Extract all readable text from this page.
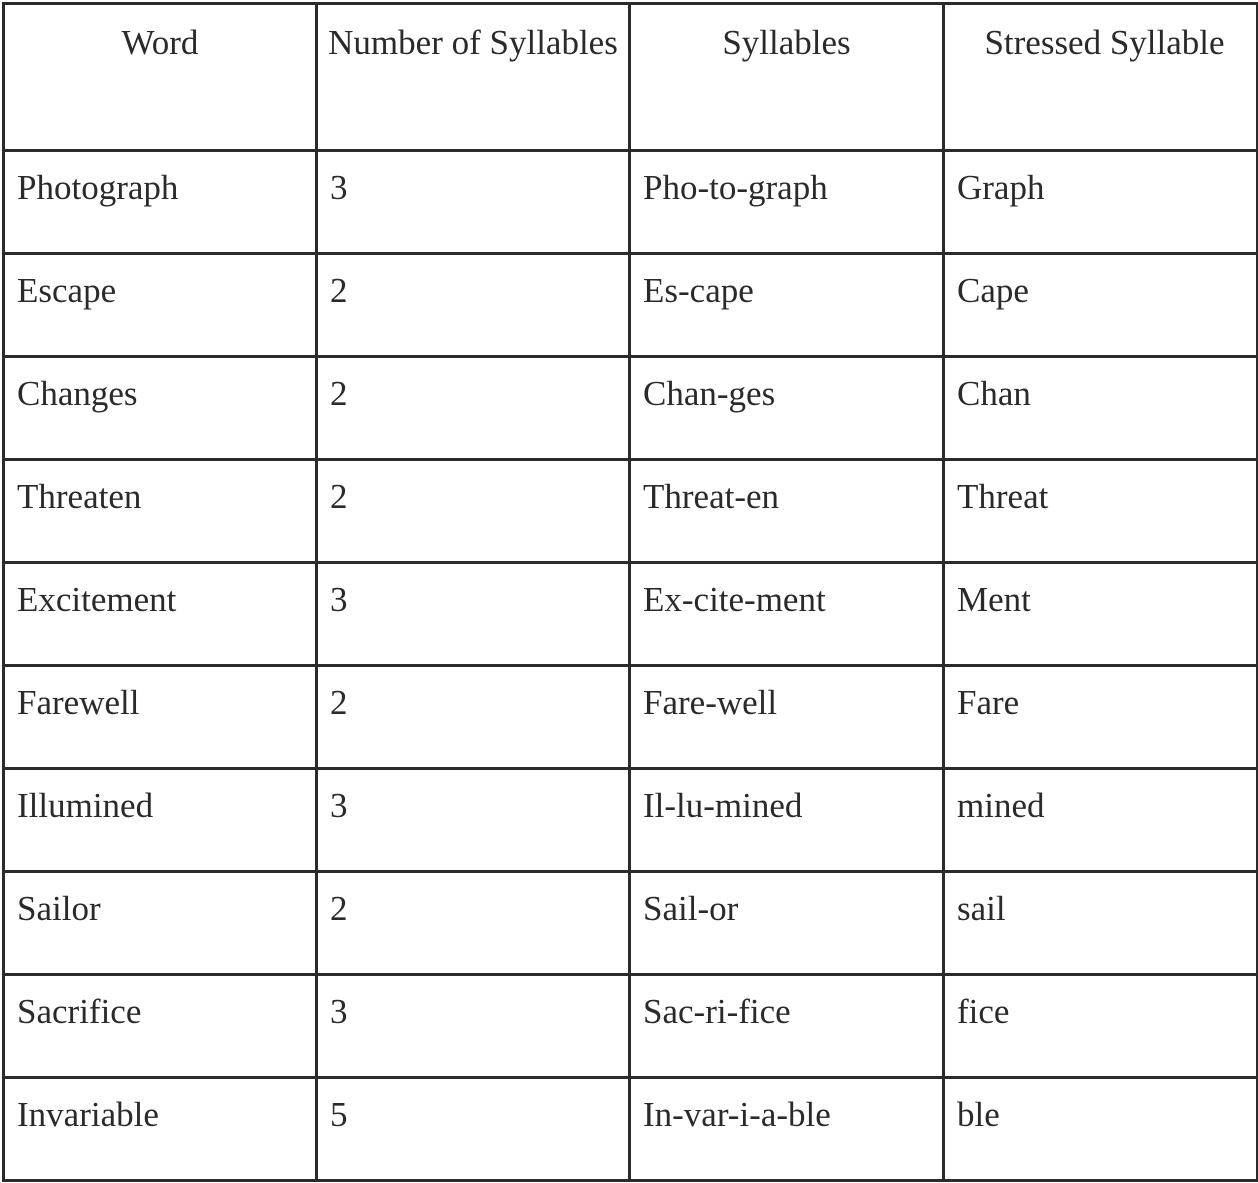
Word	Number of Syllables	Syllables	Stressed Syllable
Photograph	3	Pho-to-graph	Graph
Escape	2	Es-cape	Cape
Changes	2	Chan-ges	Chan
Threaten	2	Threat-en	Threat
Excitement	3	Ex-cite-ment	Ment
Farewell	2	Fare-well	Fare
Illumined	3	Il-lu-mined	mined
Sailor	2	Sail-or	sail
Sacrifice	3	Sac-ri-fice	fice
Invariable	5	In-var-i-a-ble	ble
